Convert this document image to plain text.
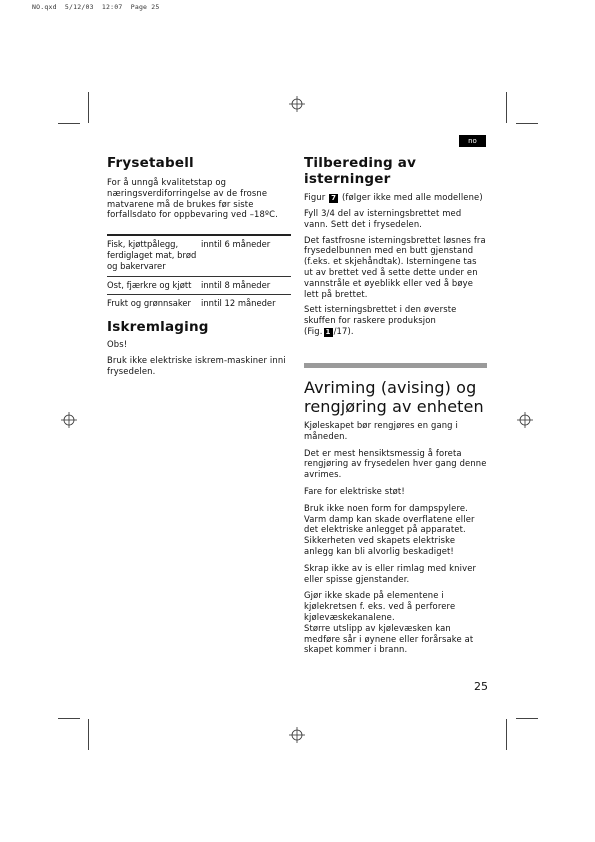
NO.qxd  5/12/03  12:07  Page 25
no
Frysetabell

For å unngå kvalitetstap og næringsverdiforringelse av de frosne matvarene må de brukes før siste forfallsdato for oppbevaring ved –18ºC.

Fisk, kjøttpålegg, ferdiglaget mat, brød og bakervarer
inntil 6 måneder
Ost, fjærkre og kjøtt	inntil 8 måneder
Frukt og grønnsaker	inntil 12 måneder
Iskremlaging

Obs!

Bruk ikke elektriske iskrem-maskiner inni frysedelen.

Tilbereding av isterninger

Figur 7 (følger ikke med alle modellene)

Fyll 3/4 del av isterningsbrettet med vann. Sett det i frysedelen.

Det fastfrosne isterningsbrettet løsnes fra frysedelbunnen med en butt gjenstand (f.eks. et skjehåndtak). Isterningene tas ut av brettet ved å sette dette under en vannstråle et øyeblikk eller ved å bøye lett på brettet.

Sett isterningsbrettet i den øverste skuffen for raskere produksjon
(Fig. 1 /17).

Avriming (avising) og
rengjøring av enheten

Kjøleskapet bør rengjøres en gang i måneden.

Det er mest hensiktsmessig å foreta rengjøring av frysedelen hver gang denne avrimes.

Fare for elektriske støt!

Bruk ikke noen form for dampspylere. Varm damp kan skade overflatene eller det elektriske anlegget på apparatet. Sikkerheten ved skapets elektriske anlegg kan bli alvorlig beskadiget!

Skrap ikke av is eller rimlag med kniver eller spisse gjenstander.

Gjør ikke skade på elementene i kjølekretsen f. eks. ved å perforere kjølevæskekanalene.

Større utslipp av kjølevæsken kan medføre sår i øynene eller forårsake at skapet kommer i brann.

25
